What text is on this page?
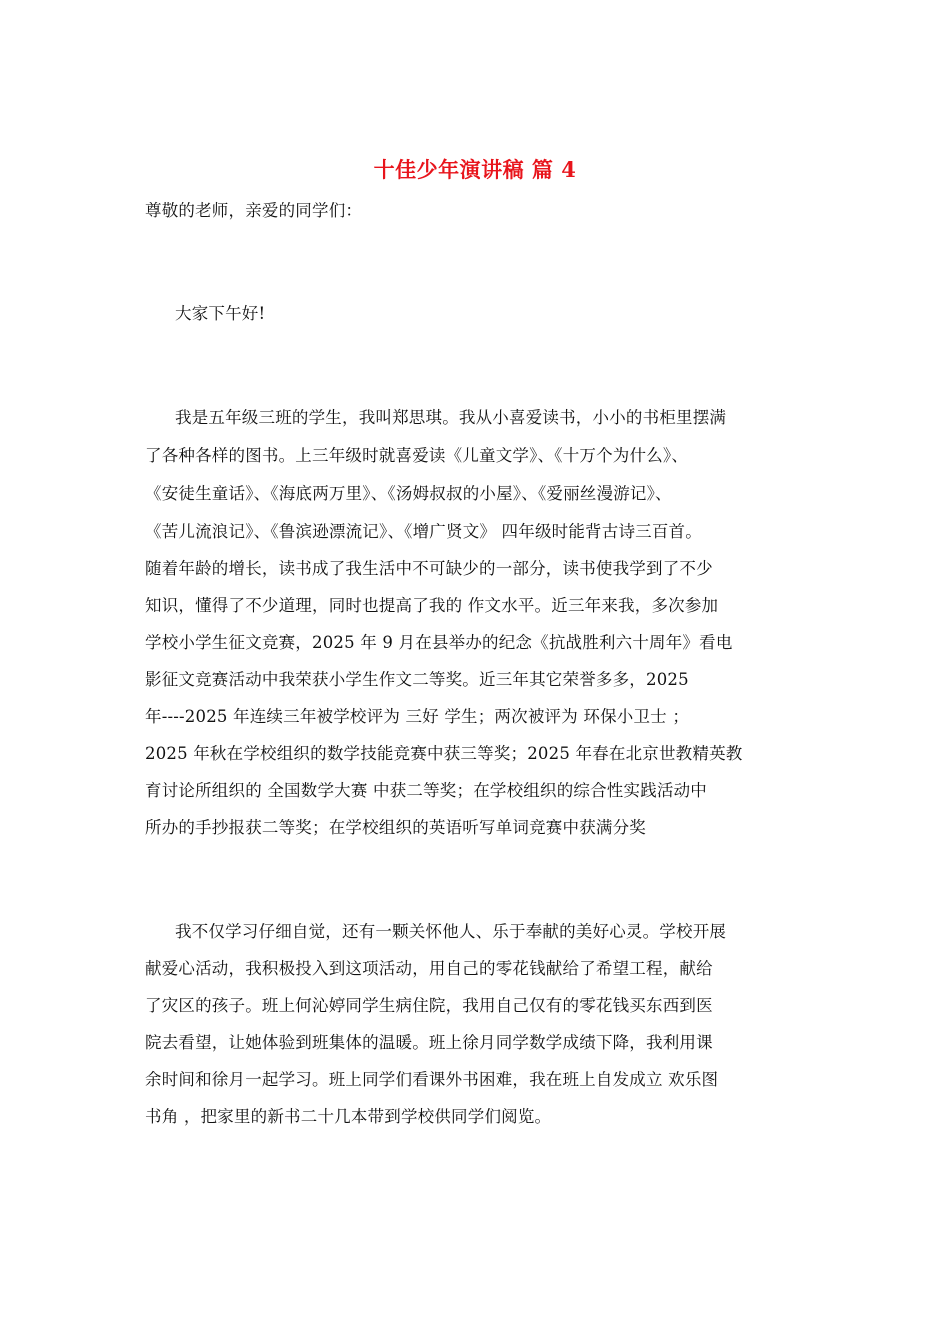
十佳少年演讲稿 篇 4
尊敬的老师，亲爱的同学们：
大家下午好!
我是五年级三班的学生，我叫郑思琪。我从小喜爱读书，小小的书柜里摆满
了各种各样的图书。上三年级时就喜爱读《儿童文学》、《十万个为什么》、
《安徒生童话》、《海底两万里》、《汤姆叔叔的小屋》、《爱丽丝漫游记》、
《苦儿流浪记》、《鲁滨逊漂流记》、《增广贤文》 四年级时能背古诗三百首。
随着年龄的增长，读书成了我生活中不可缺少的一部分，读书使我学到了不少
知识，懂得了不少道理，同时也提高了我的 作文水平。近三年来我，多次参加
学校小学生征文竞赛，2025 年 9 月在县举办的纪念《抗战胜利六十周年》看电
影征文竞赛活动中我荣获小学生作文二等奖。近三年其它荣誉多多，2025
年----2025 年连续三年被学校评为 三好 学生；两次被评为 环保小卫士 ；
2025 年秋在学校组织的数学技能竞赛中获三等奖；2025 年春在北京世教精英教
育讨论所组织的 全国数学大赛 中获二等奖；在学校组织的综合性实践活动中
所办的手抄报获二等奖；在学校组织的英语听写单词竞赛中获满分奖
我不仅学习仔细自觉，还有一颗关怀他人、乐于奉献的美好心灵。学校开展
献爱心活动，我积极投入到这项活动，用自己的零花钱献给了希望工程，献给
了灾区的孩子。班上何沁婷同学生病住院，我用自己仅有的零花钱买东西到医
院去看望，让她体验到班集体的温暖。班上徐月同学数学成绩下降，我利用课
余时间和徐月一起学习。班上同学们看课外书困难，我在班上自发成立 欢乐图
书角 ，把家里的新书二十几本带到学校供同学们阅览。
